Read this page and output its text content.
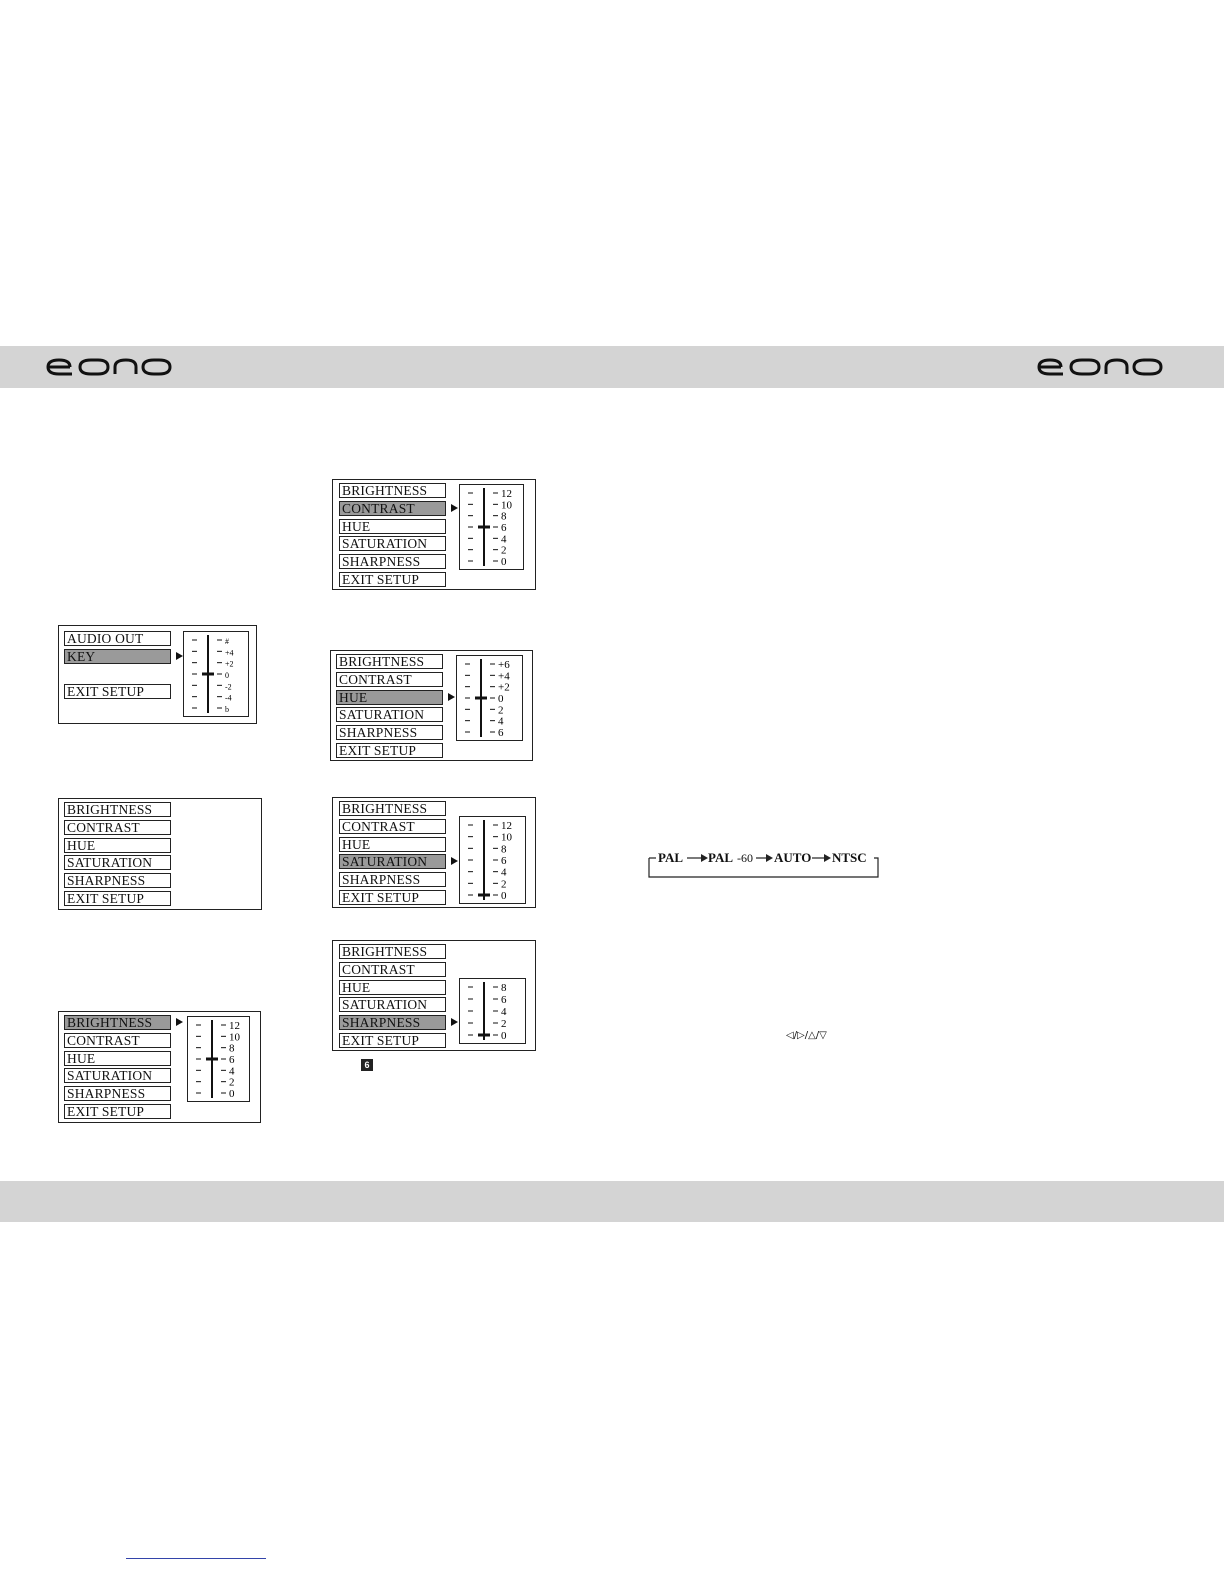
eonon	eonon
AUDIO OUT
KEY
EXIT SETUP
#
+4
+2
0
-2
-4
b
BRIGHTNESS
CONTRAST
HUE
SATURATION
SHARPNESS
EXIT SETUP
BRIGHTNESS
CONTRAST
HUE
SATURATION
SHARPNESS
EXIT SETUP
12
10
8
6
4
2
0
BRIGHTNESS
CONTRAST
HUE
SATURATION
SHARPNESS
EXIT SETUP
12
10
8
6
4
2
0
BRIGHTNESS
CONTRAST
HUE
SATURATION
SHARPNESS
EXIT SETUP
+6
+4
+2
0
2
4
6
BRIGHTNESS
CONTRAST
HUE
SATURATION
SHARPNESS
EXIT SETUP
12
10
8
6
4
2
0
BRIGHTNESS
CONTRAST
HUE
SATURATION
SHARPNESS
EXIT SETUP
8
6
4
2
0
6
PAL PAL -60 AUTO NTSC
◁/▷/△/▽
